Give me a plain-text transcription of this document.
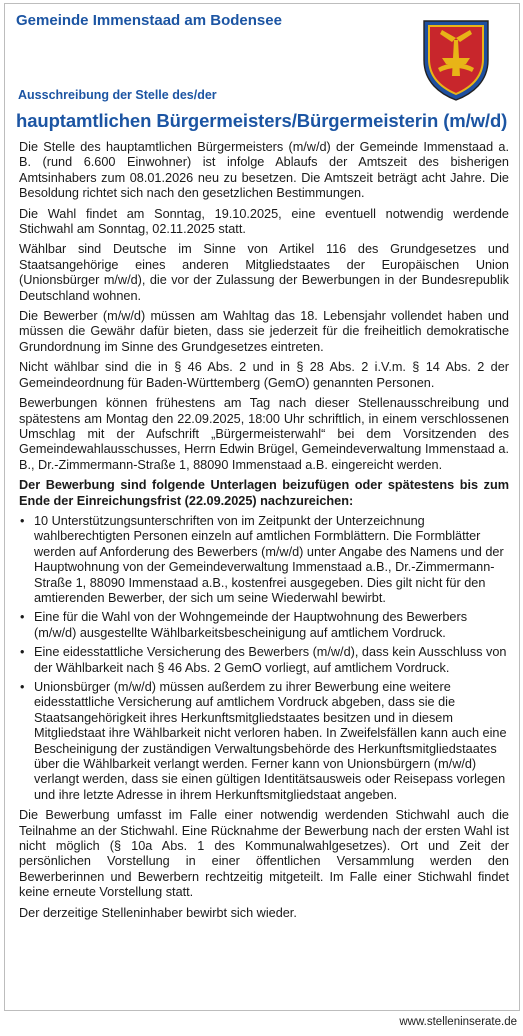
Gemeinde Immenstaad am Bodensee
Ausschreibung der Stelle des/der
hauptamtlichen Bürgermeisters/Bürgermeisterin (m/w/d)

Die Stelle des hauptamtlichen Bürgermeisters (m/w/d) der Gemeinde Immenstaad a. B. (rund 6.600 Einwohner) ist infolge Ablaufs der Amtszeit des bisherigen Amtsinhabers zum 08.01.2026 neu zu besetzen. Die Amtszeit beträgt acht Jahre. Die Besoldung richtet sich nach den gesetzlichen Bestimmungen.

Die Wahl findet am Sonntag, 19.10.2025, eine eventuell notwendig werdende Stichwahl am Sonntag, 02.11.2025 statt.

Wählbar sind Deutsche im Sinne von Artikel 116 des Grundgesetzes und Staatsangehörige eines anderen Mitgliedstaates der Europäischen Union (Unionsbürger m/w/d), die vor der Zulassung der Bewerbungen in der Bundesrepublik Deutschland wohnen.

Die Bewerber (m/w/d) müssen am Wahltag das 18. Lebensjahr vollendet haben und müssen die Gewähr dafür bieten, dass sie jederzeit für die freiheitlich demokratische Grundordnung im Sinne des Grundgesetzes eintreten.

Nicht wählbar sind die in § 46 Abs. 2 und in § 28 Abs. 2 i.V.m. § 14 Abs. 2 der Gemeindeordnung für Baden-Württemberg (GemO) genannten Personen.

Bewerbungen können frühestens am Tag nach dieser Stellenausschreibung und spätestens am Montag den 22.09.2025, 18:00 Uhr schriftlich, in einem verschlossenen Umschlag mit der Aufschrift „Bürgermeisterwahl“ bei dem Vorsitzenden des Gemeindewahlausschusses, Herrn Edwin Brügel, Gemeindeverwaltung Immenstaad a. B., Dr.-Zimmermann-Straße 1, 88090 Immenstaad a.B. eingereicht werden.

Der Bewerbung sind folgende Unterlagen beizufügen oder spätestens bis zum Ende der Einreichungsfrist (22.09.2025) nachzureichen:

• 10 Unterstützungsunterschriften von im Zeitpunkt der Unterzeichnung wahlberechtigten Personen einzeln auf amtlichen Formblättern. Die Formblätter werden auf Anforderung des Bewerbers (m/w/d) unter Angabe des Namens und der Hauptwohnung von der Gemeindeverwaltung Immenstaad a.B., Dr.-Zimmermann-Straße 1, 88090 Immenstaad a.B., kostenfrei ausgegeben. Dies gilt nicht für den amtierenden Bewerber, der sich um seine Wiederwahl bewirbt.
• Eine für die Wahl von der Wohngemeinde der Hauptwohnung des Bewerbers (m/w/d) ausgestellte Wählbarkeitsbescheinigung auf amtlichem Vordruck.
• Eine eidesstattliche Versicherung des Bewerbers (m/w/d), dass kein Ausschluss von der Wählbarkeit nach § 46 Abs. 2 GemO vorliegt, auf amtlichem Vordruck.
• Unionsbürger (m/w/d) müssen außerdem zu ihrer Bewerbung eine weitere eidesstattliche Versicherung auf amtlichem Vordruck abgeben, dass sie die Staatsangehörigkeit ihres Herkunftsmitgliedstaates besitzen und in diesem Mitgliedstaat ihre Wählbarkeit nicht verloren haben. In Zweifelsfällen kann auch eine Bescheinigung der zuständigen Verwaltungsbehörde des Herkunftsmitgliedstaates über die Wählbarkeit verlangt werden. Ferner kann von Unionsbürgern (m/w/d) verlangt werden, dass sie einen gültigen Identitätsausweis oder Reisepass vorlegen und ihre letzte Adresse in ihrem Herkunftsmitgliedstaat angeben.

Die Bewerbung umfasst im Falle einer notwendig werdenden Stichwahl auch die Teilnahme an der Stichwahl. Eine Rücknahme der Bewerbung nach der ersten Wahl ist nicht möglich (§ 10a Abs. 1 des Kommunalwahlgesetzes). Ort und Zeit der persönlichen Vorstellung in einer öffentlichen Versammlung werden den Bewerberinnen und Bewerbern rechtzeitig mitgeteilt. Im Falle einer Stichwahl findet keine erneute Vorstellung statt.

Der derzeitige Stelleninhaber bewirbt sich wieder.

www.stelleninserate.de
